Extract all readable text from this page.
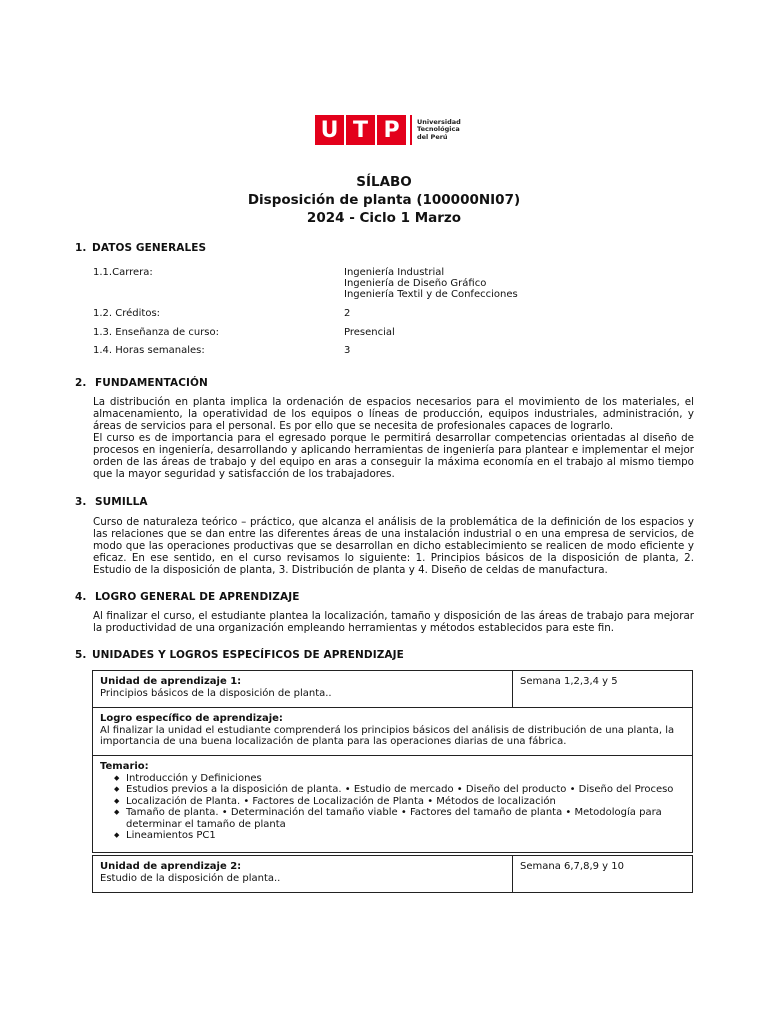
U T P	Universidad
Tecnológica
del Perú
SÍLABO
Disposición de planta (100000NI07)
2024 - Ciclo 1 Marzo
1. DATOS GENERALES
1.1.Carrera:	Ingeniería Industrial
Ingeniería de Diseño Gráfico
Ingeniería Textil y de Confecciones
1.2. Créditos:	2
1.3. Enseñanza de curso:	Presencial
1.4. Horas semanales:	3
2. FUNDAMENTACIÓN
La distribución en planta implica la ordenación de espacios necesarios para el movimiento de los materiales, el almacenamiento, la operatividad de los equipos o líneas de producción, equipos industriales, administración, y áreas de servicios para el personal. Es por ello que se necesita de profesionales capaces de lograrlo.
El curso es de importancia para el egresado porque le permitirá desarrollar competencias orientadas al diseño de procesos en ingeniería, desarrollando y aplicando herramientas de ingeniería para plantear e implementar el mejor orden de las áreas de trabajo y del equipo en aras a conseguir la máxima economía en el trabajo al mismo tiempo que la mayor seguridad y satisfacción de los trabajadores.
3. SUMILLA
Curso de naturaleza teórico – práctico, que alcanza el análisis de la problemática de la definición de los espacios y las relaciones que se dan entre las diferentes áreas de una instalación industrial o en una empresa de servicios, de modo que las operaciones productivas que se desarrollan en dicho establecimiento se realicen de modo eficiente y eficaz. En ese sentido, en el curso revisamos lo siguiente: 1. Principios básicos de la disposición de planta, 2. Estudio de la disposición de planta, 3. Distribución de planta y 4. Diseño de celdas de manufactura.
4. LOGRO GENERAL DE APRENDIZAJE
Al finalizar el curso, el estudiante plantea la localización, tamaño y disposición de las áreas de trabajo para mejorar la productividad de una organización empleando herramientas y métodos establecidos para este fin.
5. UNIDADES Y LOGROS ESPECÍFICOS DE APRENDIZAJE
Unidad de aprendizaje 1:
Principios básicos de la disposición de planta..
Semana 1,2,3,4 y 5
Logro específico de aprendizaje:
Al finalizar la unidad el estudiante comprenderá los principios básicos del análisis de distribución de una planta, la importancia de una buena localización de planta para las operaciones diarias de una fábrica.
Temario:
◆ Introducción y Definiciones
◆ Estudios previos a la disposición de planta. • Estudio de mercado • Diseño del producto • Diseño del Proceso
◆ Localización de Planta. • Factores de Localización de Planta • Métodos de localización
◆ Tamaño de planta. • Determinación del tamaño viable • Factores del tamaño de planta • Metodología para determinar el tamaño de planta
◆ Lineamientos PC1
Unidad de aprendizaje 2:
Estudio de la disposición de planta..
Semana 6,7,8,9 y 10
